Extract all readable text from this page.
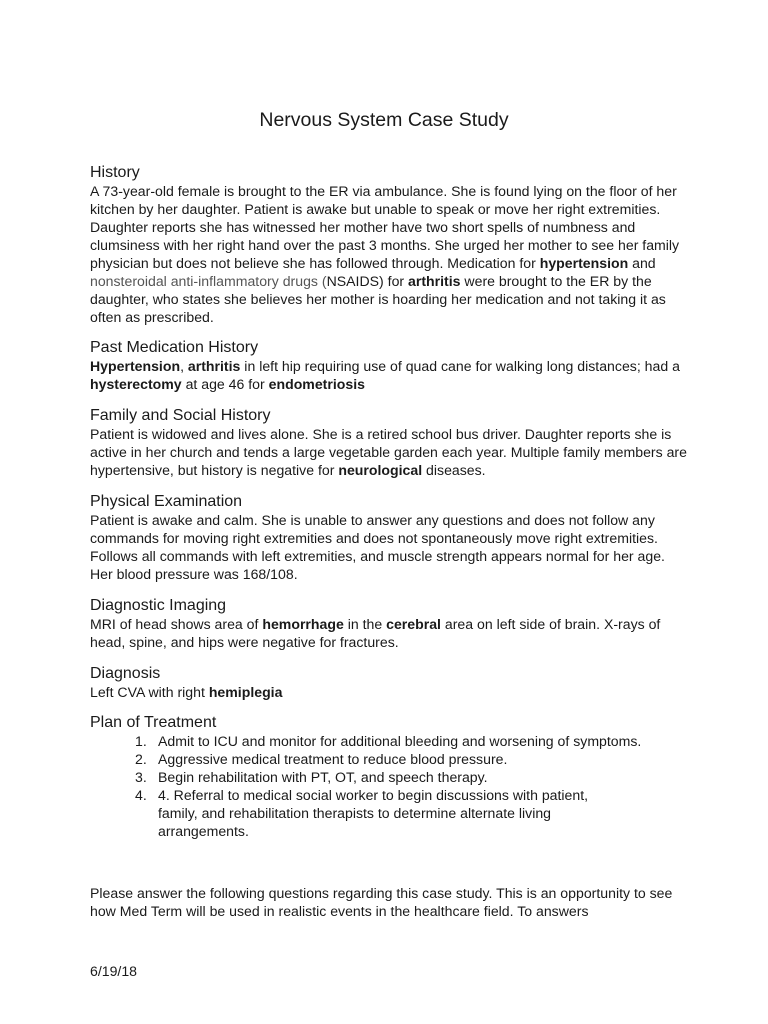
Nervous System Case Study
History

A 73-year-old female is brought to the ER via ambulance. She is found lying on the floor of her kitchen by her daughter. Patient is awake but unable to speak or move her right extremities. Daughter reports she has witnessed her mother have two short spells of numbness and clumsiness with her right hand over the past 3 months. She urged her mother to see her family physician but does not believe she has followed through. Medication for hypertension and nonsteroidal anti-inflammatory drugs (NSAIDS) for arthritis were brought to the ER by the daughter, who states she believes her mother is hoarding her medication and not taking it as often as prescribed.

Past Medication History

Hypertension, arthritis in left hip requiring use of quad cane for walking long distances; had a hysterectomy at age 46 for endometriosis

Family and Social History

Patient is widowed and lives alone. She is a retired school bus driver. Daughter reports she is active in her church and tends a large vegetable garden each year. Multiple family members are hypertensive, but history is negative for neurological diseases.

Physical Examination

Patient is awake and calm. She is unable to answer any questions and does not follow any commands for moving right extremities and does not spontaneously move right extremities. Follows all commands with left extremities, and muscle strength appears normal for her age. Her blood pressure was 168/108.

Diagnostic Imaging

MRI of head shows area of hemorrhage in the cerebral area on left side of brain. X-rays of head, spine, and hips were negative for fractures.

Diagnosis

Left CVA with right hemiplegia

Plan of Treatment
1. Admit to ICU and monitor for additional bleeding and worsening of symptoms.
2. Aggressive medical treatment to reduce blood pressure.
3. Begin rehabilitation with PT, OT, and speech therapy.
4. 4. Referral to medical social worker to begin discussions with patient, family, and rehabilitation therapists to determine alternate living arrangements.

Please answer the following questions regarding this case study. This is an opportunity to see how Med Term will be used in realistic events in the healthcare field. To answers

6/19/18
